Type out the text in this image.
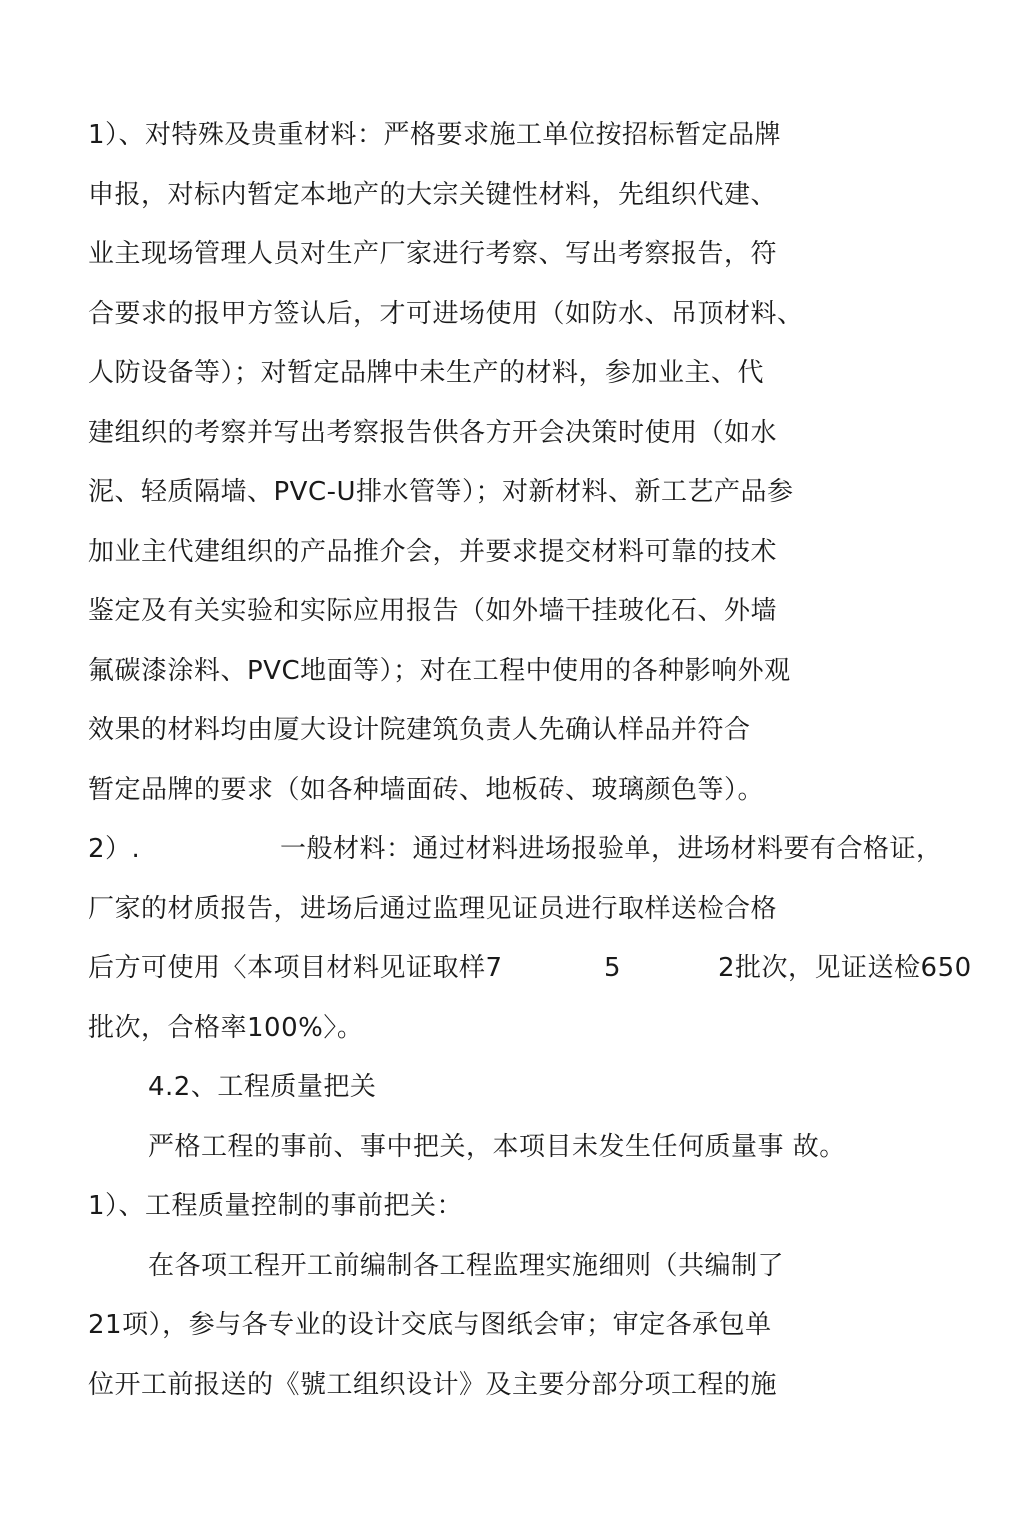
1）、对特殊及贵重材料：严格要求施工单位按招标暂定品牌
申报，对标内暂定本地产的大宗关键性材料，先组织代建、
业主现场管理人员对生产厂家进行考察、写出考察报告，符
合要求的报甲方签认后，才可进场使用（如防水、吊顶材料、
人防设备等）；对暂定品牌中未生产的材料，参加业主、代
建组织的考察并写出考察报告供各方开会决策时使用（如水
泥、轻质隔墙、PVC-U排水管等）；对新材料、新工艺产品参
加业主代建组织的产品推介会，并要求提交材料可靠的技术
鉴定及有关实验和实际应用报告（如外墙干挂玻化石、外墙
氟碳漆涂料、PVC地面等）；对在工程中使用的各种影响外观
效果的材料均由厦大设计院建筑负责人先确认样品并符合
暂定品牌的要求（如各种墙面砖、地板砖、玻璃颜色等）。
2）.	一般材料：通过材料进场报验单，进场材料要有合格证，
厂家的材质报告，进场后通过监理见证员进行取样送检合格
后方可使用〈本项目材料见证取样7	5	2批次，见证送检650
批次，合格率100%〉。
4.2、工程质量把关
严格工程的事前、事中把关，本项目未发生任何质量事 故。
1）、工程质量控制的事前把关：
在各项工程开工前编制各工程监理实施细则（共编制了
21项），参与各专业的设计交底与图纸会审；审定各承包单
位开工前报送的《號工组织设计》及主要分部分项工程的施
